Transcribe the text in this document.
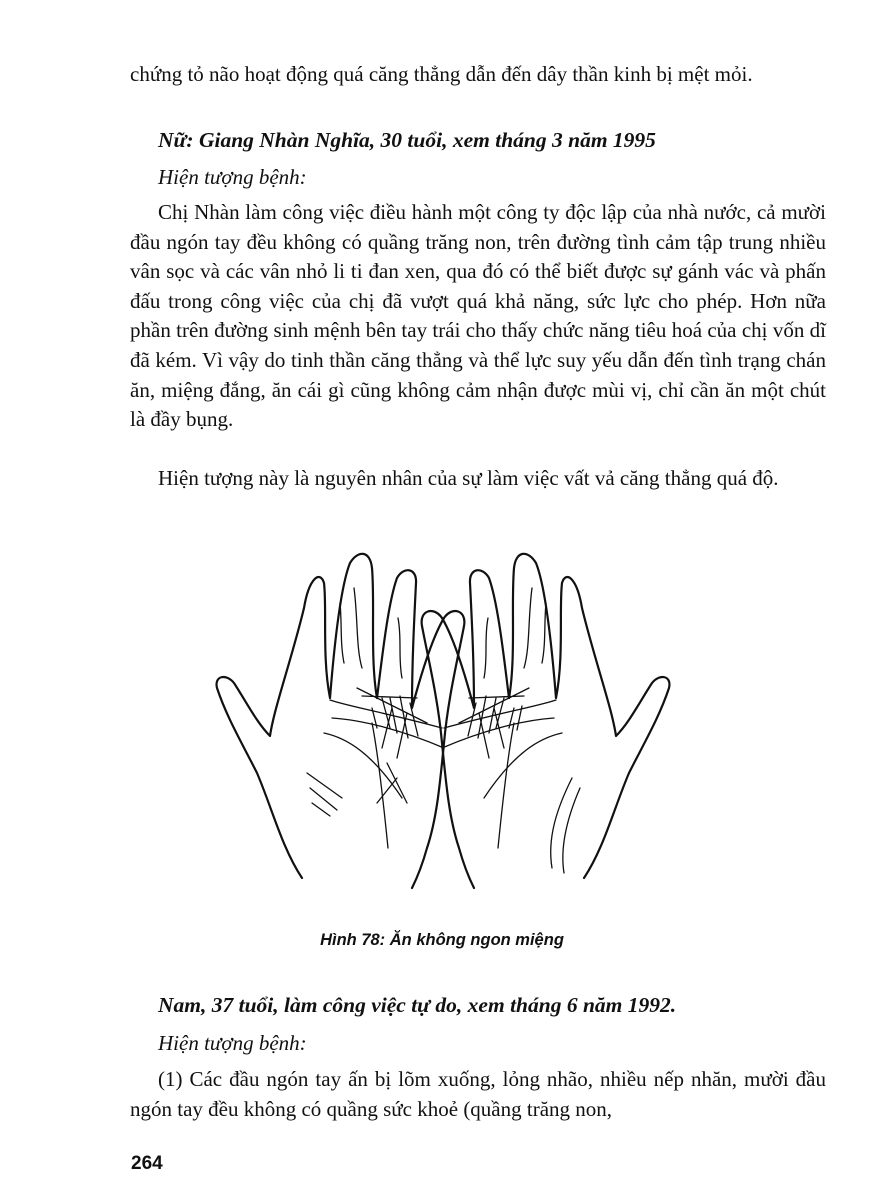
chứng tỏ não hoạt động quá căng thẳng dẫn đến dây thần kinh bị mệt mỏi.

Nữ: Giang Nhàn Nghĩa, 30 tuổi, xem tháng 3 năm 1995

Hiện tượng bệnh:

Chị Nhàn làm công việc điều hành một công ty độc lập của nhà nước, cả mười đầu ngón tay đều không có quầng trăng non, trên đường tình cảm tập trung nhiều vân sọc và các vân nhỏ li ti đan xen, qua đó có thể biết được sự gánh vác và phấn đấu trong công việc của chị đã vượt quá khả năng, sức lực cho phép. Hơn nữa phần trên đường sinh mệnh bên tay trái cho thấy chức năng tiêu hoá của chị vốn dĩ đã kém. Vì vậy do tinh thần căng thẳng và thể lực suy yếu dẫn đến tình trạng chán ăn, miệng đắng, ăn cái gì cũng không cảm nhận được mùi vị, chỉ cần ăn một chút là đầy bụng.

Hiện tượng này là nguyên nhân của sự làm việc vất vả căng thẳng quá độ.

Hình 78: Ăn không ngon miệng

Nam, 37 tuổi, làm công việc tự do, xem tháng 6 năm 1992.

Hiện tượng bệnh:

(1) Các đầu ngón tay ấn bị lõm xuống, lỏng nhão, nhiều nếp nhăn, mười đầu ngón tay đều không có quầng sức khoẻ (quầng trăng non,

264
